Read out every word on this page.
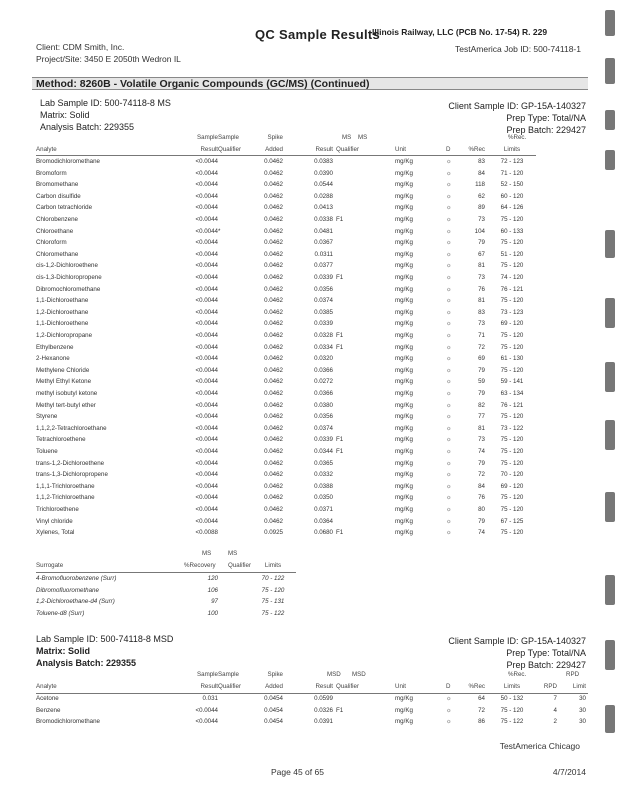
QC Sample Results
Illinois Railway, LLC (PCB No. 17-54) R. 229
Client: CDM Smith, Inc.
Project/Site: 3450 E 2050th Wedron IL
TestAmerica Job ID: 500-74118-1
Method: 8260B - Volatile Organic Compounds (GC/MS) (Continued)
Lab Sample ID: 500-74118-8 MS
Matrix: Solid
Analysis Batch: 229355
Client Sample ID: GP-15A-140327
Prep Type: Total/NA
Prep Batch: 229427
Sample Sample	MS MS	%Rec.
Analyte	Result Qualifier
Spike
Added	Result Qualifier	Unit	D	%Rec	Limits
Bromodichloromethane	<0.0044	0.0462	0.0383	mg/Kg	☼	83	72 - 123
Bromoform	<0.0044	0.0462	0.0390	mg/Kg	☼	84	71 - 120
Bromomethane	<0.0044	0.0462	0.0544	mg/Kg	☼	118	52 - 150
Carbon disulfide	<0.0044	0.0462	0.0288	mg/Kg	☼	62	60 - 120
Carbon tetrachloride	<0.0044	0.0462	0.0413	mg/Kg	☼	89	64 - 126
Chlorobenzene	<0.0044	0.0462	0.0338 F1	mg/Kg	☼	73	75 - 120
Chloroethane	<0.0044 *	0.0462	0.0481	mg/Kg	☼	104	60 - 133
Chloroform	<0.0044	0.0462	0.0367	mg/Kg	☼	79	75 - 120
Chloromethane	<0.0044	0.0462	0.0311	mg/Kg	☼	67	51 - 120
cis-1,2-Dichloroethene	<0.0044	0.0462	0.0377	mg/Kg	☼	81	75 - 120
cis-1,3-Dichloropropene	<0.0044	0.0462	0.0339 F1	mg/Kg	☼	73	74 - 120
Dibromochloromethane	<0.0044	0.0462	0.0356	mg/Kg	☼	76	76 - 121
1,1-Dichloroethane	<0.0044	0.0462	0.0374	mg/Kg	☼	81	75 - 120
1,2-Dichloroethane	<0.0044	0.0462	0.0385	mg/Kg	☼	83	73 - 123
1,1-Dichloroethene	<0.0044	0.0462	0.0339	mg/Kg	☼	73	69 - 120
1,2-Dichloropropane	<0.0044	0.0462	0.0328 F1	mg/Kg	☼	71	75 - 120
Ethylbenzene	<0.0044	0.0462	0.0334 F1	mg/Kg	☼	72	75 - 120
2-Hexanone	<0.0044	0.0462	0.0320	mg/Kg	☼	69	61 - 130
Methylene Chloride	<0.0044	0.0462	0.0366	mg/Kg	☼	79	75 - 120
Methyl Ethyl Ketone	<0.0044	0.0462	0.0272	mg/Kg	☼	59	59 - 141
methyl isobutyl ketone	<0.0044	0.0462	0.0366	mg/Kg	☼	79	63 - 134
Methyl tert-butyl ether	<0.0044	0.0462	0.0380	mg/Kg	☼	82	76 - 121
Styrene	<0.0044	0.0462	0.0356	mg/Kg	☼	77	75 - 120
1,1,2,2-Tetrachloroethane	<0.0044	0.0462	0.0374	mg/Kg	☼	81	73 - 122
Tetrachloroethene	<0.0044	0.0462	0.0339 F1	mg/Kg	☼	73	75 - 120
Toluene	<0.0044	0.0462	0.0344 F1	mg/Kg	☼	74	75 - 120
trans-1,2-Dichloroethene	<0.0044	0.0462	0.0365	mg/Kg	☼	79	75 - 120
trans-1,3-Dichloropropene	<0.0044	0.0462	0.0332	mg/Kg	☼	72	70 - 120
1,1,1-Trichloroethane	<0.0044	0.0462	0.0388	mg/Kg	☼	84	69 - 120
1,1,2-Trichloroethane	<0.0044	0.0462	0.0350	mg/Kg	☼	76	75 - 120
Trichloroethene	<0.0044	0.0462	0.0371	mg/Kg	☼	80	75 - 120
Vinyl chloride	<0.0044	0.0462	0.0364	mg/Kg	☼	79	67 - 125
Xylenes, Total	<0.0088	0.0925	0.0680 F1	mg/Kg	☼	74	75 - 120
MS	MS
Surrogate	%Recovery Qualifier	Limits
4-Bromofluorobenzene (Surr)	120	70 - 122
Dibromofluoromethane	106	75 - 120
1,2-Dichloroethane-d4 (Surr)	97	75 - 131
Toluene-d8 (Surr)	100	75 - 122
Lab Sample ID: 500-74118-8 MSD
Matrix: Solid
Analysis Batch: 229355
Client Sample ID: GP-15A-140327
Prep Type: Total/NA
Prep Batch: 229427
Sample Sample	Spike	MSD MSD	%Rec.	RPD
Analyte	Result Qualifier	Added	Result Qualifier	Unit	D	%Rec	Limits	RPD	Limit
Acetone	0.031	0.0454	0.0599	mg/Kg	☼	64	50 - 132	7	30
Benzene	<0.0044	0.0454	0.0326 F1	mg/Kg	☼	72	75 - 120	4	30
Bromodichloromethane	<0.0044	0.0454	0.0391	mg/Kg	☼	86	75 - 122	2	30
TestAmerica Chicago
Page 45 of 65	4/7/2014
